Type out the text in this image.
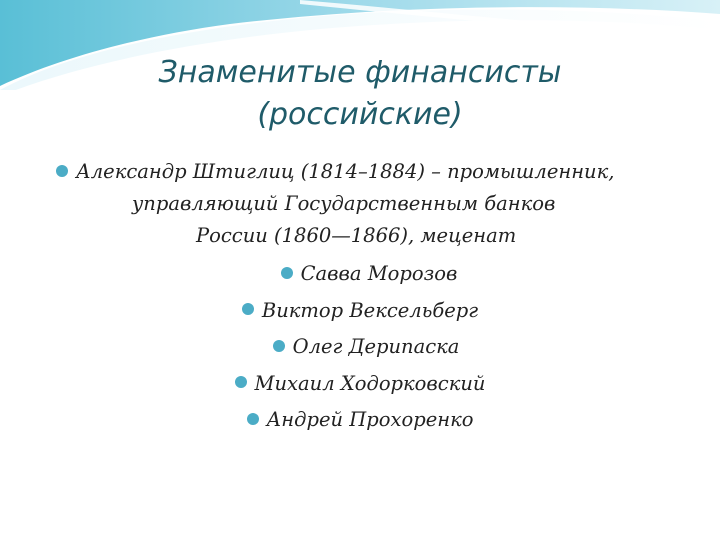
Знаменитые финансисты
(российские)
Александр Штиглиц (1814–1884) – промышленник,
управляющий Государственным банков
России (1860—1866), меценат
Савва Морозов
Виктор Вексельберг
Олег Дерипаска
Михаил Ходорковский
Андрей Прохоренко
